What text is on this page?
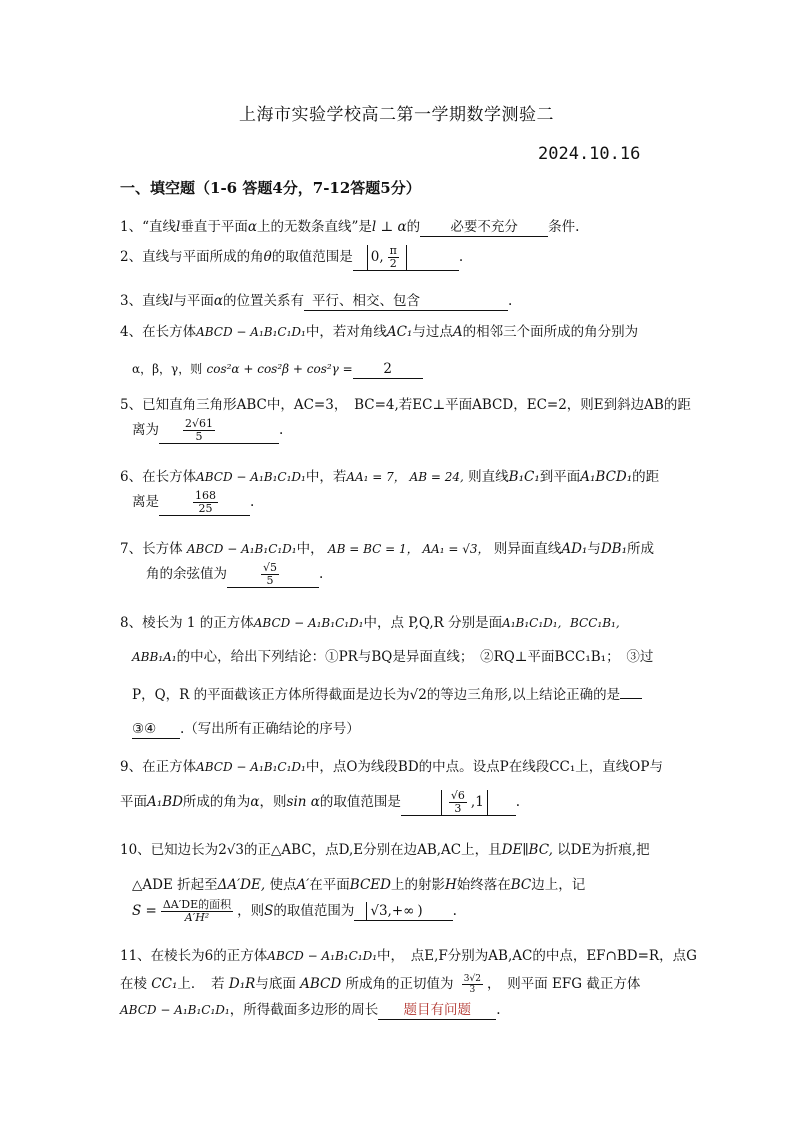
上海市实验学校高二第一学期数学测验二
2024.10.16
一、填空题（1-6 答题4分，7-12答题5分）
1、“直线l垂直于平面α上的无数条直线”是l ⊥ α的 必要不充分 条件.
2、直线与平面所成的角θ的取值范围是 0, $\frac{\pi}{2}$	.
3、直线l与平面α的位置关系有 平行、相交、包含	.
4、在长方体ABCD − A₁B₁C₁D₁中，若对角线AC₁与过点A的相邻三个面所成的角分别为
α，β，γ，则 cos²α + cos²β + cos²γ = 2
5、已知直角三角形ABC中，AC=3，　BC=4,若EC⊥平面ABCD，EC=2，则E到斜边AB的距
离为 $\frac{2√61}{5}$	.
6、在长方体ABCD − A₁B₁C₁D₁中，若AA₁ = 7， AB = 24, 则直线B₁C₁到平面A₁BCD₁的距
离是	$\frac{168}{25}$ .
7、长方体 ABCD − A₁B₁C₁D₁中， AB = BC = 1， AA₁ = √3， 则异面直线AD₁与DB₁所成
角的余弦值为	$\frac{√5}{5}$	.
8、棱长为 1 的正方体ABCD − A₁B₁C₁D₁中，点 P,Q,R 分别是面A₁B₁C₁D₁, BCC₁B₁,
ABB₁A₁的中心，给出下列结论：①PR与BQ是异面直线；　②RQ⊥平面BCC₁B₁；　③过
P，Q，R 的平面截该正方体所得截面是边长为√2的等边三角形,以上结论正确的是
③④ .（写出所有正确结论的序号）
9、在正方体ABCD − A₁B₁C₁D₁中，点O为线段BD的中点。设点P在线段CC₁上，直线OP与
平面A₁BD所成的角为α，则sin α的取值范围是	$\frac{√6}{3} ,1$ .
10、已知边长为2√3的正△ABC，点D,E分别在边AB,AC上，且DE∥BC, 以DE为折痕,把
△ADE 折起至ΔA′DE, 使点A′在平面BCED上的射影H始终落在BC边上，记
$S = \frac{\text{ΔA′DE的面积}}{\text{A′H²}}$ ，则S的取值范围为 √3,+∞ ) .
11、在棱长为6的正方体ABCD − A₁B₁C₁D₁中，　点E,F分别为AB,AC的中点，EF∩BD=R，点G
在棱 CC₁上．　若 D₁R与底面 ABCD 所成角的正切值为 $\frac{3√2}{3}$ ，　则平面 EFG 截正方体
ABCD − A₁B₁C₁D₁，所得截面多边形的周长 题目有问题 .
